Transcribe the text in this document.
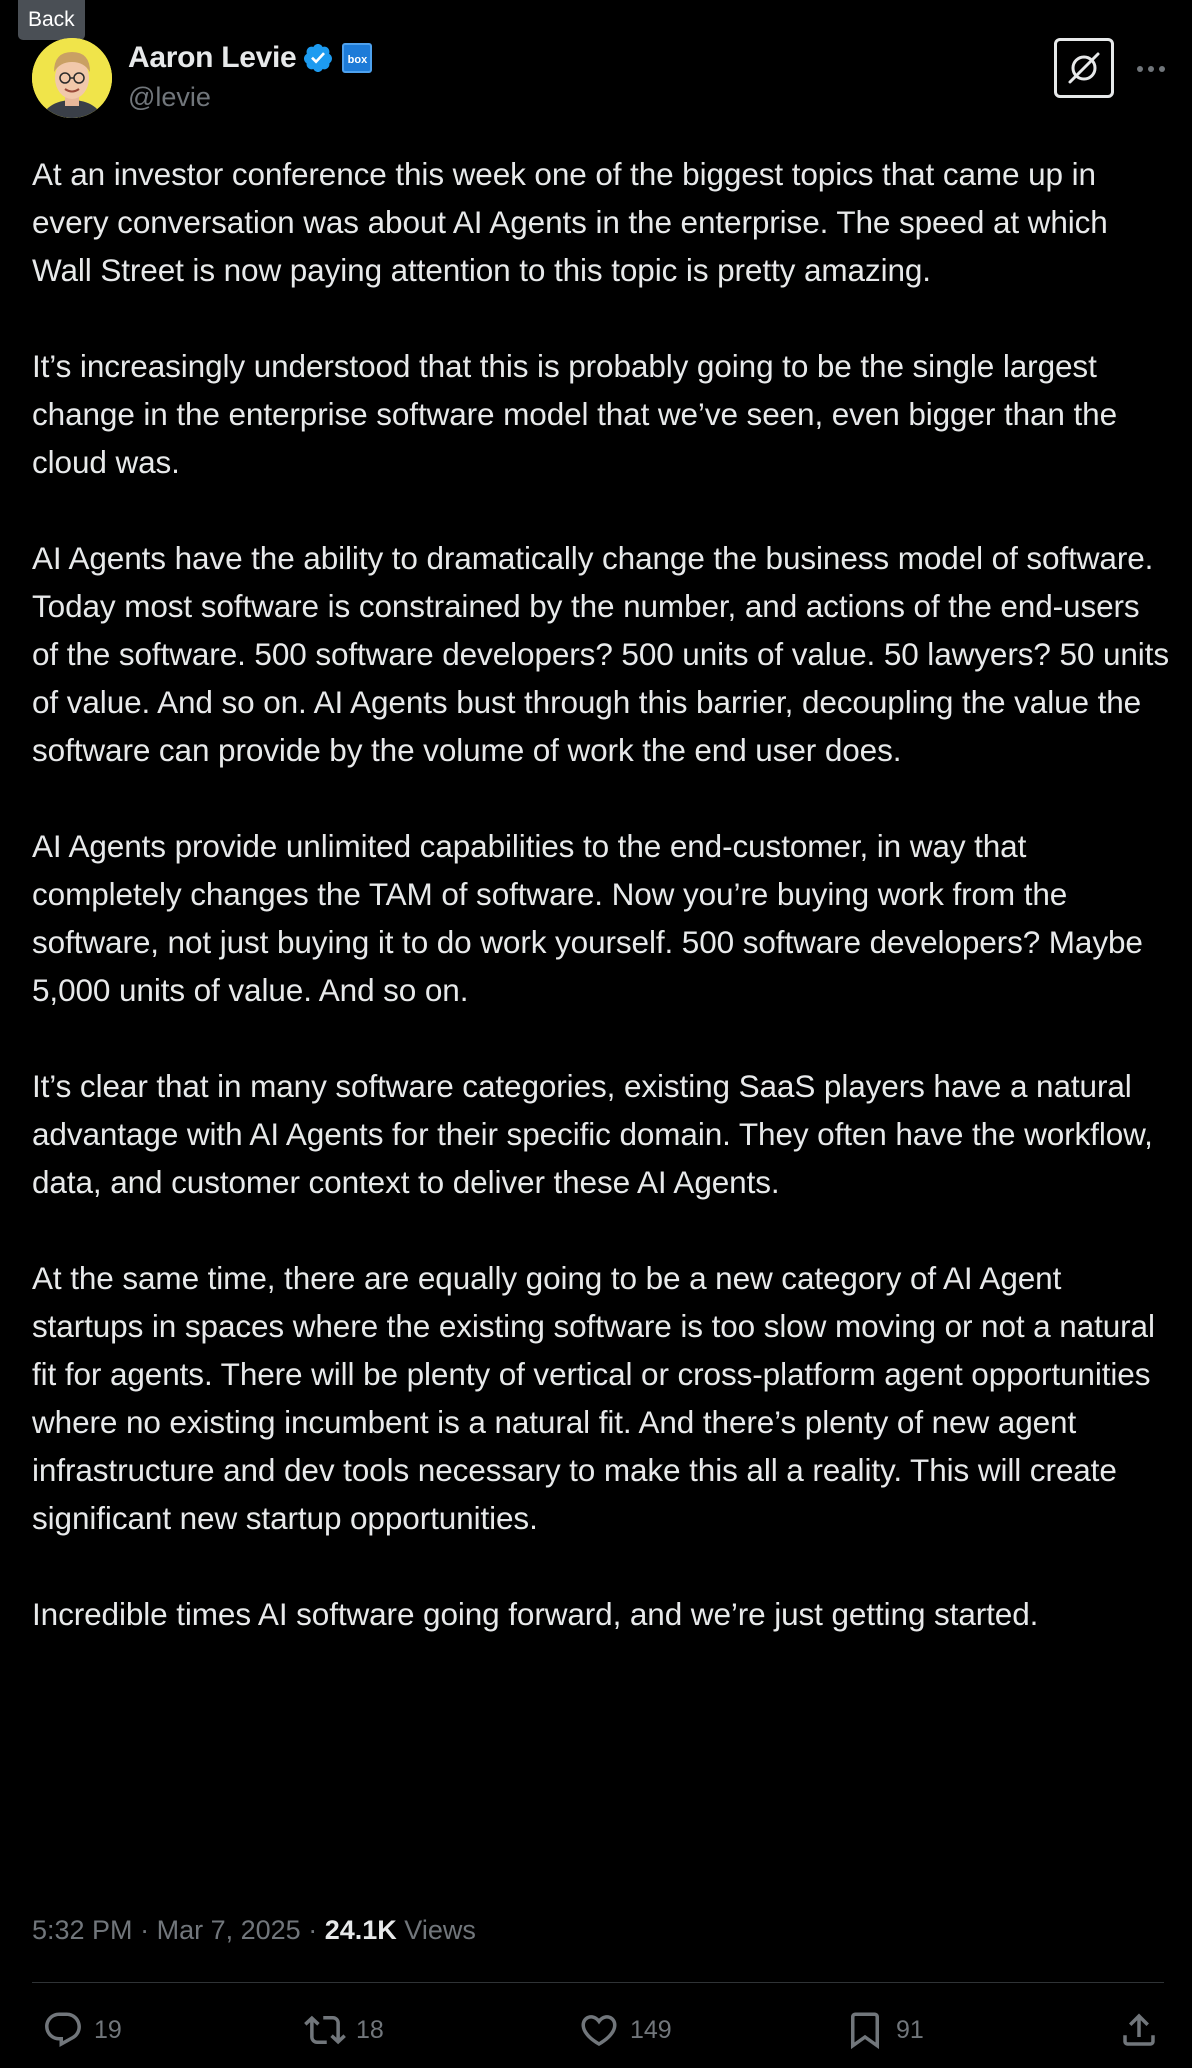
Back
Aaron Levie	box
@levie

At an investor conference this week one of the biggest topics that came up in every conversation was about AI Agents in the enterprise. The speed at which Wall Street is now paying attention to this topic is pretty amazing.

It’s increasingly understood that this is probably going to be the single largest change in the enterprise software model that we’ve seen, even bigger than the cloud was.

AI Agents have the ability to dramatically change the business model of software. Today most software is constrained by the number, and actions of the end-users of the software. 500 software developers? 500 units of value. 50 lawyers? 50 units of value. And so on. AI Agents bust through this barrier, decoupling the value the software can provide by the volume of work the end user does.

AI Agents provide unlimited capabilities to the end-customer, in way that completely changes the TAM of software. Now you’re buying work from the software, not just buying it to do work yourself. 500 software developers? Maybe 5,000 units of value. And so on.

It’s clear that in many software categories, existing SaaS players have a natural advantage with AI Agents for their specific domain. They often have the workflow, data, and customer context to deliver these AI Agents.

At the same time, there are equally going to be a new category of AI Agent startups in spaces where the existing software is too slow moving or not a natural fit for agents. There will be plenty of vertical or cross-platform agent opportunities where no existing incumbent is a natural fit. And there’s plenty of new agent infrastructure and dev tools necessary to make this all a reality. This will create significant new startup opportunities.

Incredible times AI software going forward, and we’re just getting started.

5:32 PM · Mar 7, 2025 · 24.1K Views
19	18	149	91
